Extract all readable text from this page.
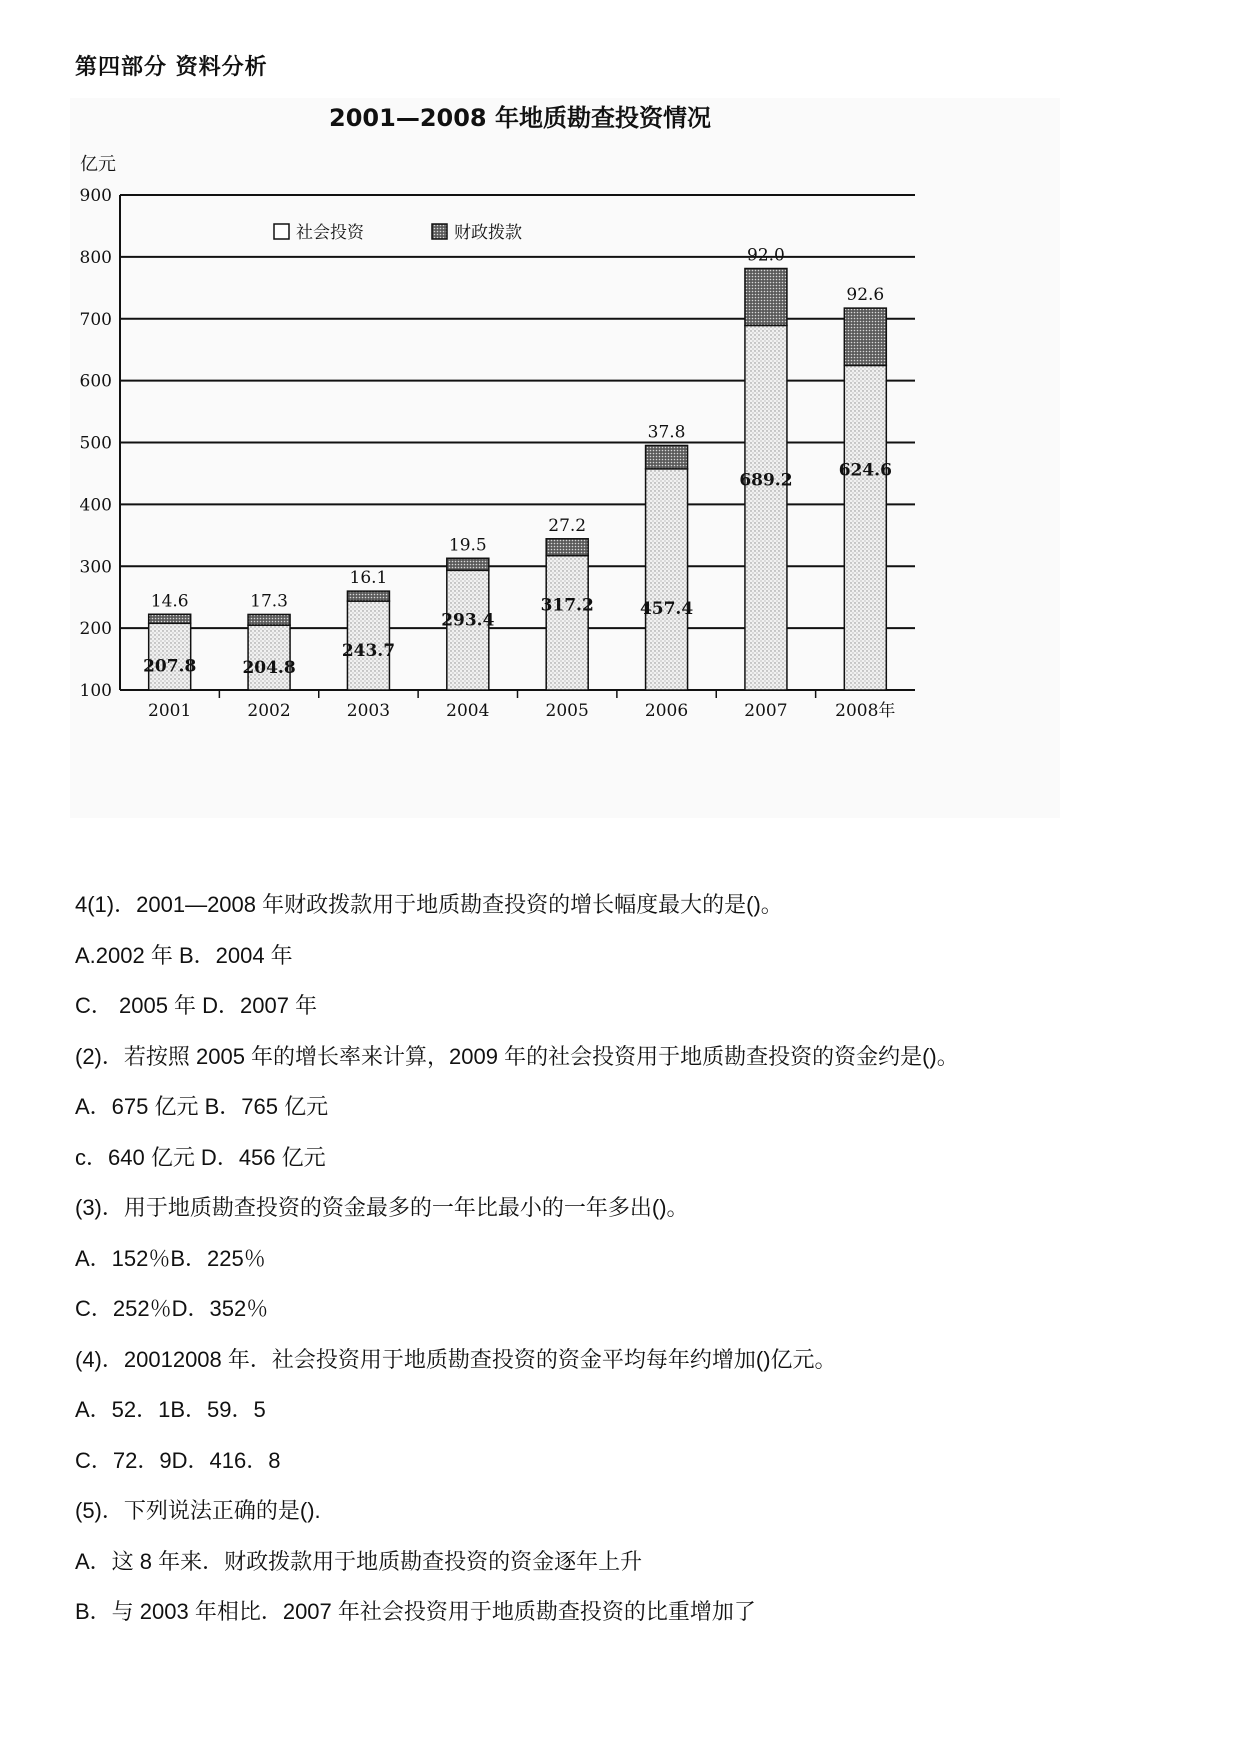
第四部分 资料分析
2001—2008 年地质勘查投资情况
亿元
100
200
300
400
500
600
700
800
900
2001
14.6
207.8
2002
17.3
204.8
2003
16.1
243.7
2004
19.5
293.4
2005
27.2
317.2
2006
37.8
457.4
2007
92.0
689.2
2008年
92.6
624.6
社会投资	财政拨款
4(1)．2001—2008 年财政拨款用于地质勘查投资的增长幅度最大的是()。
A.2002 年 B．2004 年
C． 2005 年 D．2007 年
(2)．若按照 2005 年的增长率来计算，2009 年的社会投资用于地质勘查投资的资金约是()。
A．675 亿元 B．765 亿元
c．640 亿元 D．456 亿元
(3)．用于地质勘查投资的资金最多的一年比最小的一年多出()。
A．152％B．225％
C．252％D．352％
(4)．20012008 年．社会投资用于地质勘查投资的资金平均每年约增加()亿元。
A．52．1B．59．5
C．72．9D．416．8
(5)．下列说法正确的是().
A．这 8 年来．财政拨款用于地质勘查投资的资金逐年上升
B．与 2003 年相比．2007 年社会投资用于地质勘查投资的比重增加了
